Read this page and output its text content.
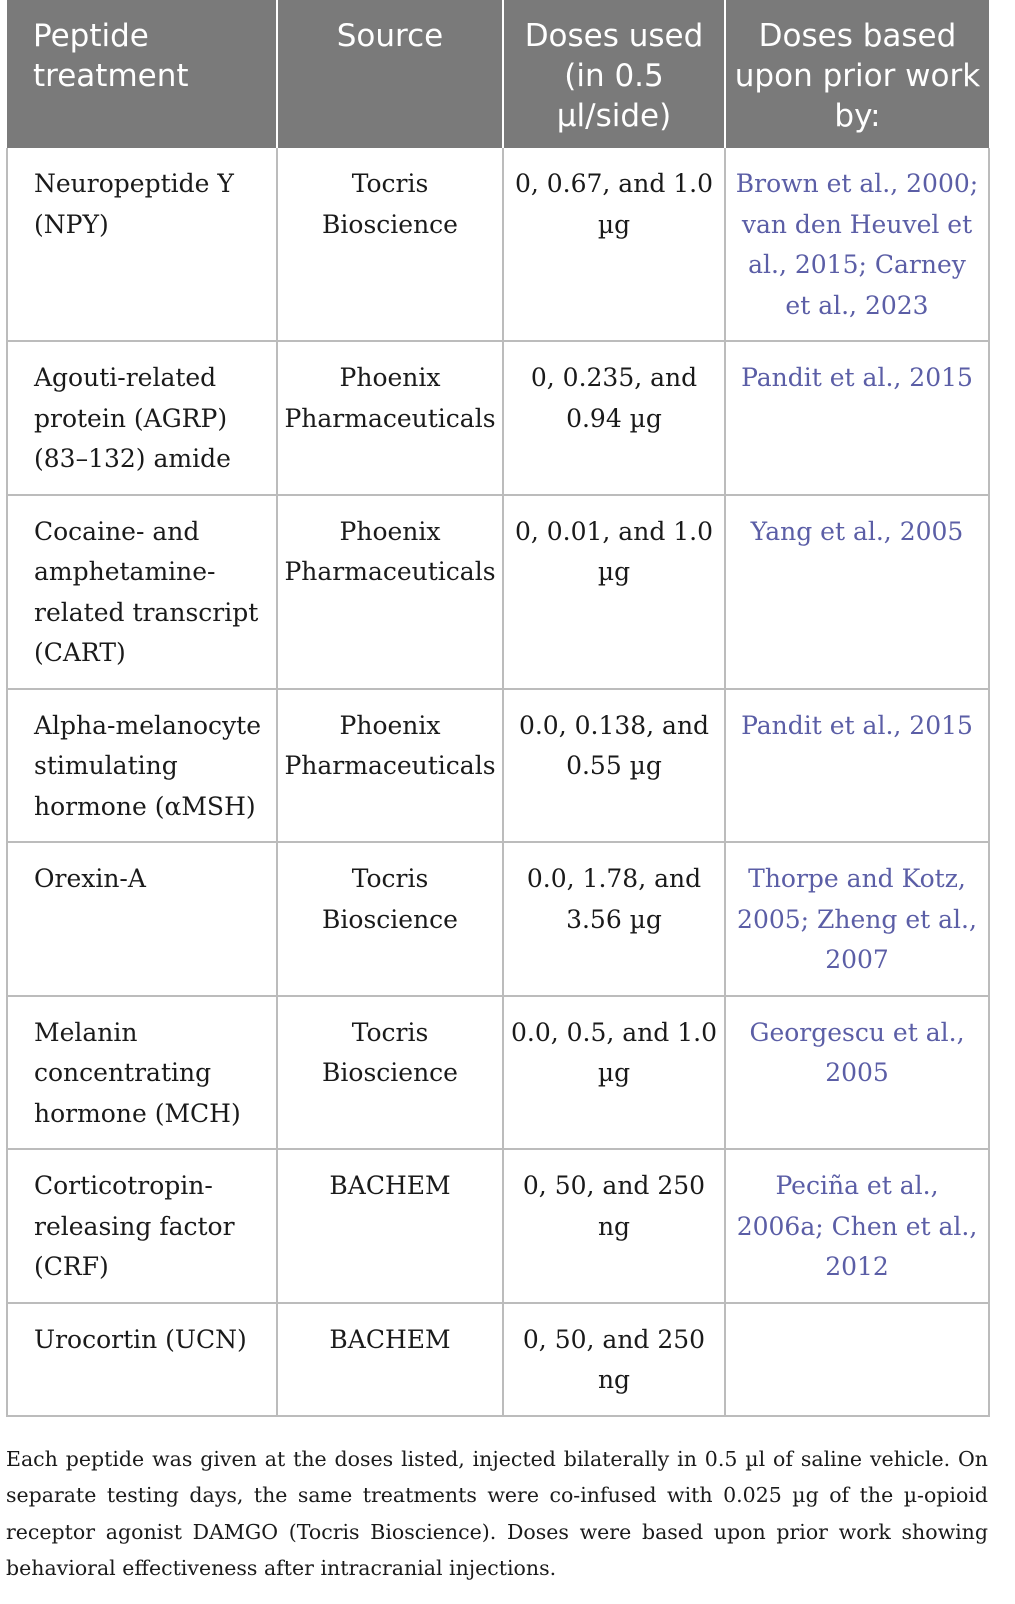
Peptide treatment	Source	Doses used (in 0.5 µl/side)	Doses based upon prior work by:
Neuropeptide Y (NPY)	Tocris Bioscience	0, 0.67, and 1.0 µg	Brown et al., 2000; van den Heuvel et al., 2015; Carney et al., 2023
Agouti-related protein (AGRP) (83–132) amide	Phoenix Pharmaceuticals	0, 0.235, and 0.94 µg	Pandit et al., 2015
Cocaine- and amphetamine-related transcript (CART)	Phoenix Pharmaceuticals	0, 0.01, and 1.0 µg	Yang et al., 2005
Alpha-melanocyte stimulating hormone (αMSH)	Phoenix Pharmaceuticals	0.0, 0.138, and 0.55 µg	Pandit et al., 2015
Orexin-A	Tocris Bioscience	0.0, 1.78, and 3.56 µg	Thorpe and Kotz, 2005; Zheng et al., 2007
Melanin concentrating hormone (MCH)	Tocris Bioscience	0.0, 0.5, and 1.0 µg	Georgescu et al., 2005
Corticotropin-releasing factor (CRF)	BACHEM	0, 50, and 250 ng	Peciña et al., 2006a; Chen et al., 2012
Urocortin (UCN)	BACHEM	0, 50, and 250 ng	

Each peptide was given at the doses listed, injected bilaterally in 0.5 µl of saline vehicle. On separate testing days, the same treatments were co-infused with 0.025 µg of the µ-opioid receptor agonist DAMGO (Tocris Bioscience). Doses were based upon prior work showing behavioral effectiveness after intracranial injections.
